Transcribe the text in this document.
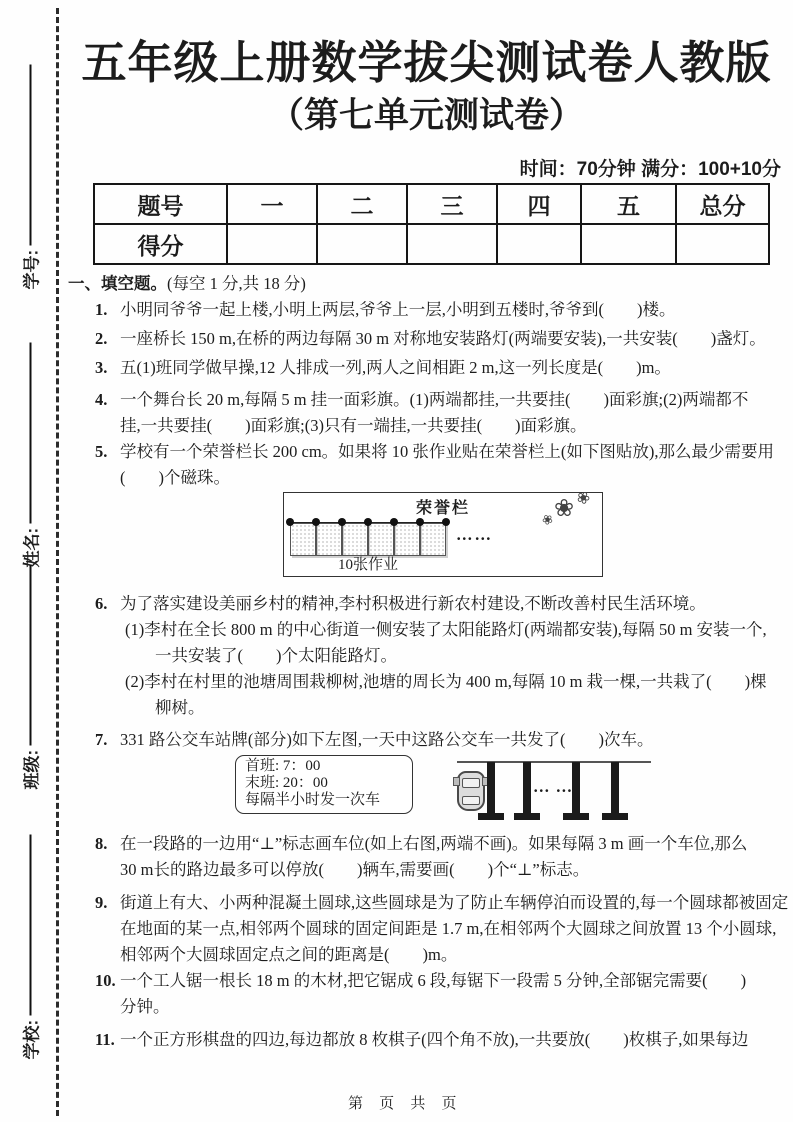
学号:
姓名:
班级:
学校:
五年级上册数学拔尖测试卷人教版
（第七单元测试卷）
时间：70分钟 满分：100+10分
题号	一	二	三	四	五	总分
得分						
一、填空题。(每空 1 分,共 18 分)
1. 小明同爷爷一起上楼,小明上两层,爷爷上一层,小明到五楼时,爷爷到(　　)楼。
2. 一座桥长 150 m,在桥的两边每隔 30 m 对称地安装路灯(两端要安装),一共安装(　　)盏灯。
3. 五(1)班同学做早操,12 人排成一列,两人之间相距 2 m,这一列长度是(　　)m。
4. 一个舞台长 20 m,每隔 5 m 挂一面彩旗。(1)两端都挂,一共要挂(　　)面彩旗;(2)两端都不
挂,一共要挂(　　)面彩旗;(3)只有一端挂,一共要挂(　　)面彩旗。
5. 学校有一个荣誉栏长 200 cm。如果将 10 张作业贴在荣誉栏上(如下图贴放),那么最少需要用
(　　)个磁珠。
荣誉栏	❀ ❀
❀
……
10张作业
6. 为了落实建设美丽乡村的精神,李村积极进行新农村建设,不断改善村民生活环境。
(1)李村在全长 800 m 的中心街道一侧安装了太阳能路灯(两端都安装),每隔 50 m 安装一个,
一共安装了(　　)个太阳能路灯。
(2)李村在村里的池塘周围栽柳树,池塘的周长为 400 m,每隔 10 m 栽一棵,一共栽了(　　)棵
柳树。
7. 331 路公交车站牌(部分)如下左图,一天中这路公交车一共发了(　　)次车。
首班: 7：00
末班: 20：00
每隔半小时发一次车
… …
8. 在一段路的一边用“⊥”标志画车位(如上右图,两端不画)。如果每隔 3 m 画一个车位,那么
30 m长的路边最多可以停放(　　)辆车,需要画(　　)个“⊥”标志。
9. 街道上有大、小两种混凝土圆球,这些圆球是为了防止车辆停泊而设置的,每一个圆球都被固定
在地面的某一点,相邻两个圆球的固定间距是 1.7 m,在相邻两个大圆球之间放置 13 个小圆球,
相邻两个大圆球固定点之间的距离是(　　)m。
10. 一个工人锯一根长 18 m 的木材,把它锯成 6 段,每锯下一段需 5 分钟,全部锯完需要(　　)
分钟。
11. 一个正方形棋盘的四边,每边都放 8 枚棋子(四个角不放),一共要放(　　)枚棋子,如果每边
第 页 共 页
